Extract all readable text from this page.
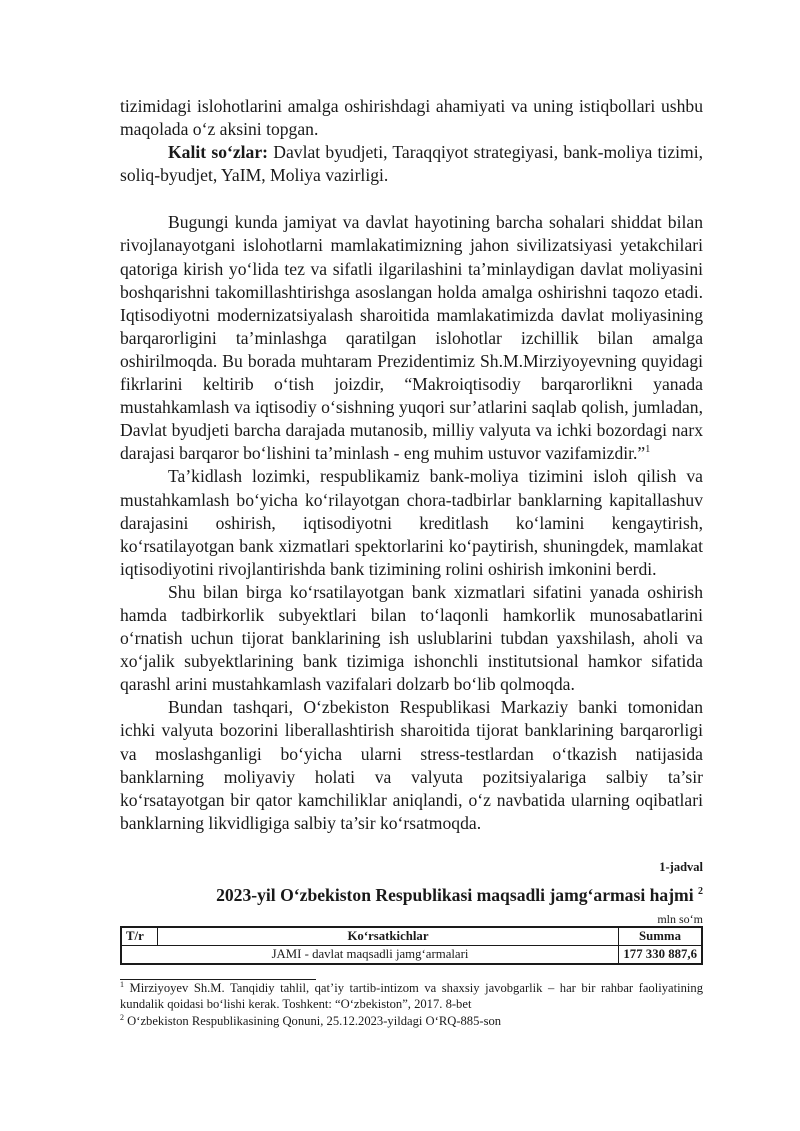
tizimidagi islohotlarini amalga oshirishdagi ahamiyati va uning istiqbollari ushbu maqolada o‘z aksini topgan.

Kalit so‘zlar: Davlat byudjeti, Taraqqiyot strategiyasi, bank-moliya tizimi, soliq-byudjet, YaIM, Moliya vazirligi.

Bugungi kunda jamiyat va davlat hayotining barcha sohalari shiddat bilan rivojlanayotgani islohotlarni mamlakatimizning jahon sivilizatsiyasi yetakchilari qatoriga kirish yo‘lida tez va sifatli ilgarilashini ta’minlaydigan davlat moliyasini boshqarishni takomillashtirishga asoslangan holda amalga oshirishni taqozo etadi. Iqtisodiyotni modernizatsiyalash sharoitida mamlakatimizda davlat moliyasining barqarorligini ta’minlashga qaratilgan islohotlar izchillik bilan amalga oshirilmoqda. Bu borada muhtaram Prezidentimiz Sh.M.Mirziyoyevning quyidagi fikrlarini keltirib o‘tish joizdir, “Makroiqtisodiy barqarorlikni yanada mustahkamlash va iqtisodiy o‘sishning yuqori sur’atlarini saqlab qolish, jumladan, Davlat byudjeti barcha darajada mutanosib, milliy valyuta va ichki bozordagi narx darajasi barqaror bo‘lishini ta’minlash - eng muhim ustuvor vazifamizdir.”$^1$

Ta’kidlash lozimki, respublikamiz bank-moliya tizimini isloh qilish va mustahkamlash bo‘yicha ko‘rilayotgan chora-tadbirlar banklarning kapitallashuv darajasini oshirish, iqtisodiyotni kreditlash ko‘lamini kengaytirish, ko‘rsatilayotgan bank xizmatlari spektorlarini ko‘paytirish, shuningdek, mamlakat iqtisodiyotini rivojlantirishda bank tizimining rolini oshirish imkonini berdi.

Shu bilan birga ko‘rsatilayotgan bank xizmatlari sifatini yanada oshirish hamda tadbirkorlik subyektlari bilan to‘laqonli hamkorlik munosabatlarini o‘rnatish uchun tijorat banklarining ish uslublarini tubdan yaxshilash, aholi va xo‘jalik subyektlarining bank tizimiga ishonchli institutsional hamkor sifatida qarashl arini mustahkamlash vazifalari dolzarb bo‘lib qolmoqda.

Bundan tashqari, O‘zbekiston Respublikasi Markaziy banki tomonidan ichki valyuta bozorini liberallashtirish sharoitida tijorat banklarining barqarorligi va moslashganligi bo‘yicha ularni stress-testlardan o‘tkazish natijasida banklarning moliyaviy holati va valyuta pozitsiyalariga salbiy ta’sir ko‘rsatayotgan bir qator kamchiliklar aniqlandi, o‘z navbatida ularning oqibatlari banklarning likvidligiga salbiy ta’sir ko‘rsatmoqda.

1-jadval
2023-yil O‘zbekiston Respublikasi maqsadli jamg‘armasi hajmi $^2$
mln so‘m
T/r	Ko‘rsatkichlar	Summa
JAMI - davlat maqsadli jamg‘armalari		177 330 887,6

$^1$ Mirziyoyev Sh.M. Tanqidiy tahlil, qat’iy tartib-intizom va shaxsiy javobgarlik – har bir rahbar faoliyatining kundalik qoidasi bo‘lishi kerak. Toshkent: “O‘zbekiston”, 2017. 8-bet

$^2$ O‘zbekiston Respublikasining Qonuni, 25.12.2023-yildagi O‘RQ-885-son
